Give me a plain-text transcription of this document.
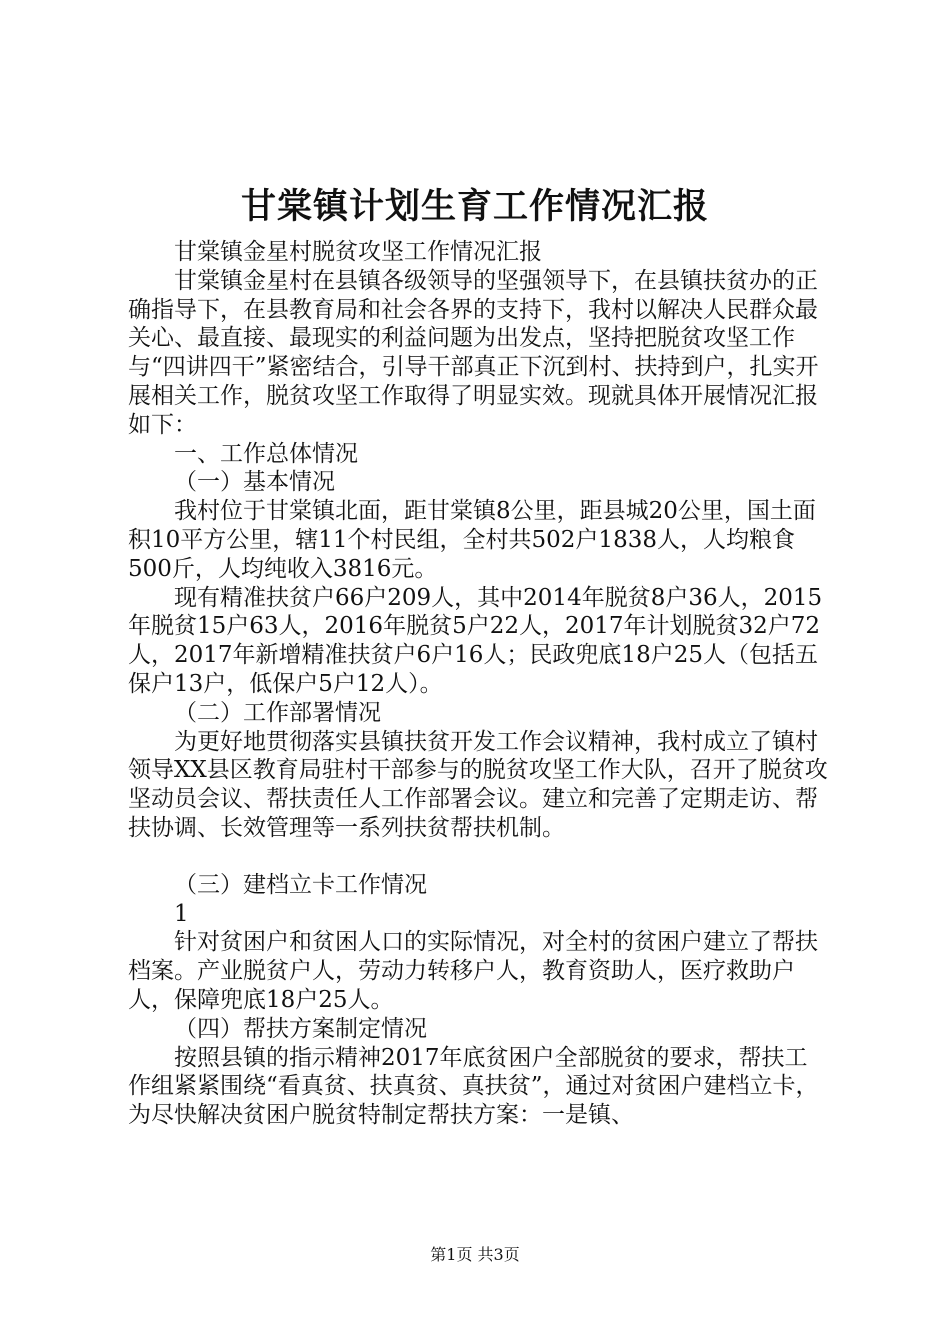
甘棠镇计划生育工作情况汇报

甘棠镇金星村脱贫攻坚工作情况汇报

甘棠镇金星村在县镇各级领导的坚强领导下，在县镇扶贫办的正确指导下，在县教育局和社会各界的支持下，我村以解决人民群众最关心、最直接、最现实的利益问题为出发点，坚持把脱贫攻坚工作与“四讲四干”紧密结合，引导干部真正下沉到村、扶持到户，扎实开展相关工作，脱贫攻坚工作取得了明显实效。现就具体开展情况汇报如下：

一、工作总体情况

（一）基本情况

我村位于甘棠镇北面，距甘棠镇8公里，距县城20公里，国土面积10平方公里，辖11个村民组，全村共502户1838人，人均粮食500斤，人均纯收入3816元。

现有精准扶贫户66户209人，其中2014年脱贫8户36人，2015年脱贫15户63人，2016年脱贫5户22人，2017年计划脱贫32户72人，2017年新增精准扶贫户6户16人；民政兜底18户25人（包括五保户13户，低保户5户12人）。

（二）工作部署情况

为更好地贯彻落实县镇扶贫开发工作会议精神，我村成立了镇村领导XX县区教育局驻村干部参与的脱贫攻坚工作大队，召开了脱贫攻坚动员会议、帮扶责任人工作部署会议。建立和完善了定期走访、帮扶协调、长效管理等一系列扶贫帮扶机制。

（三）建档立卡工作情况

1

针对贫困户和贫困人口的实际情况，对全村的贫困户建立了帮扶档案。产业脱贫户人，劳动力转移户人，教育资助人，医疗救助户人，保障兜底18户25人。

（四）帮扶方案制定情况

按照县镇的指示精神2017年底贫困户全部脱贫的要求，帮扶工作组紧紧围绕“看真贫、扶真贫、真扶贫”，通过对贫困户建档立卡，为尽快解决贫困户脱贫特制定帮扶方案：一是镇、

第1页 共3页
